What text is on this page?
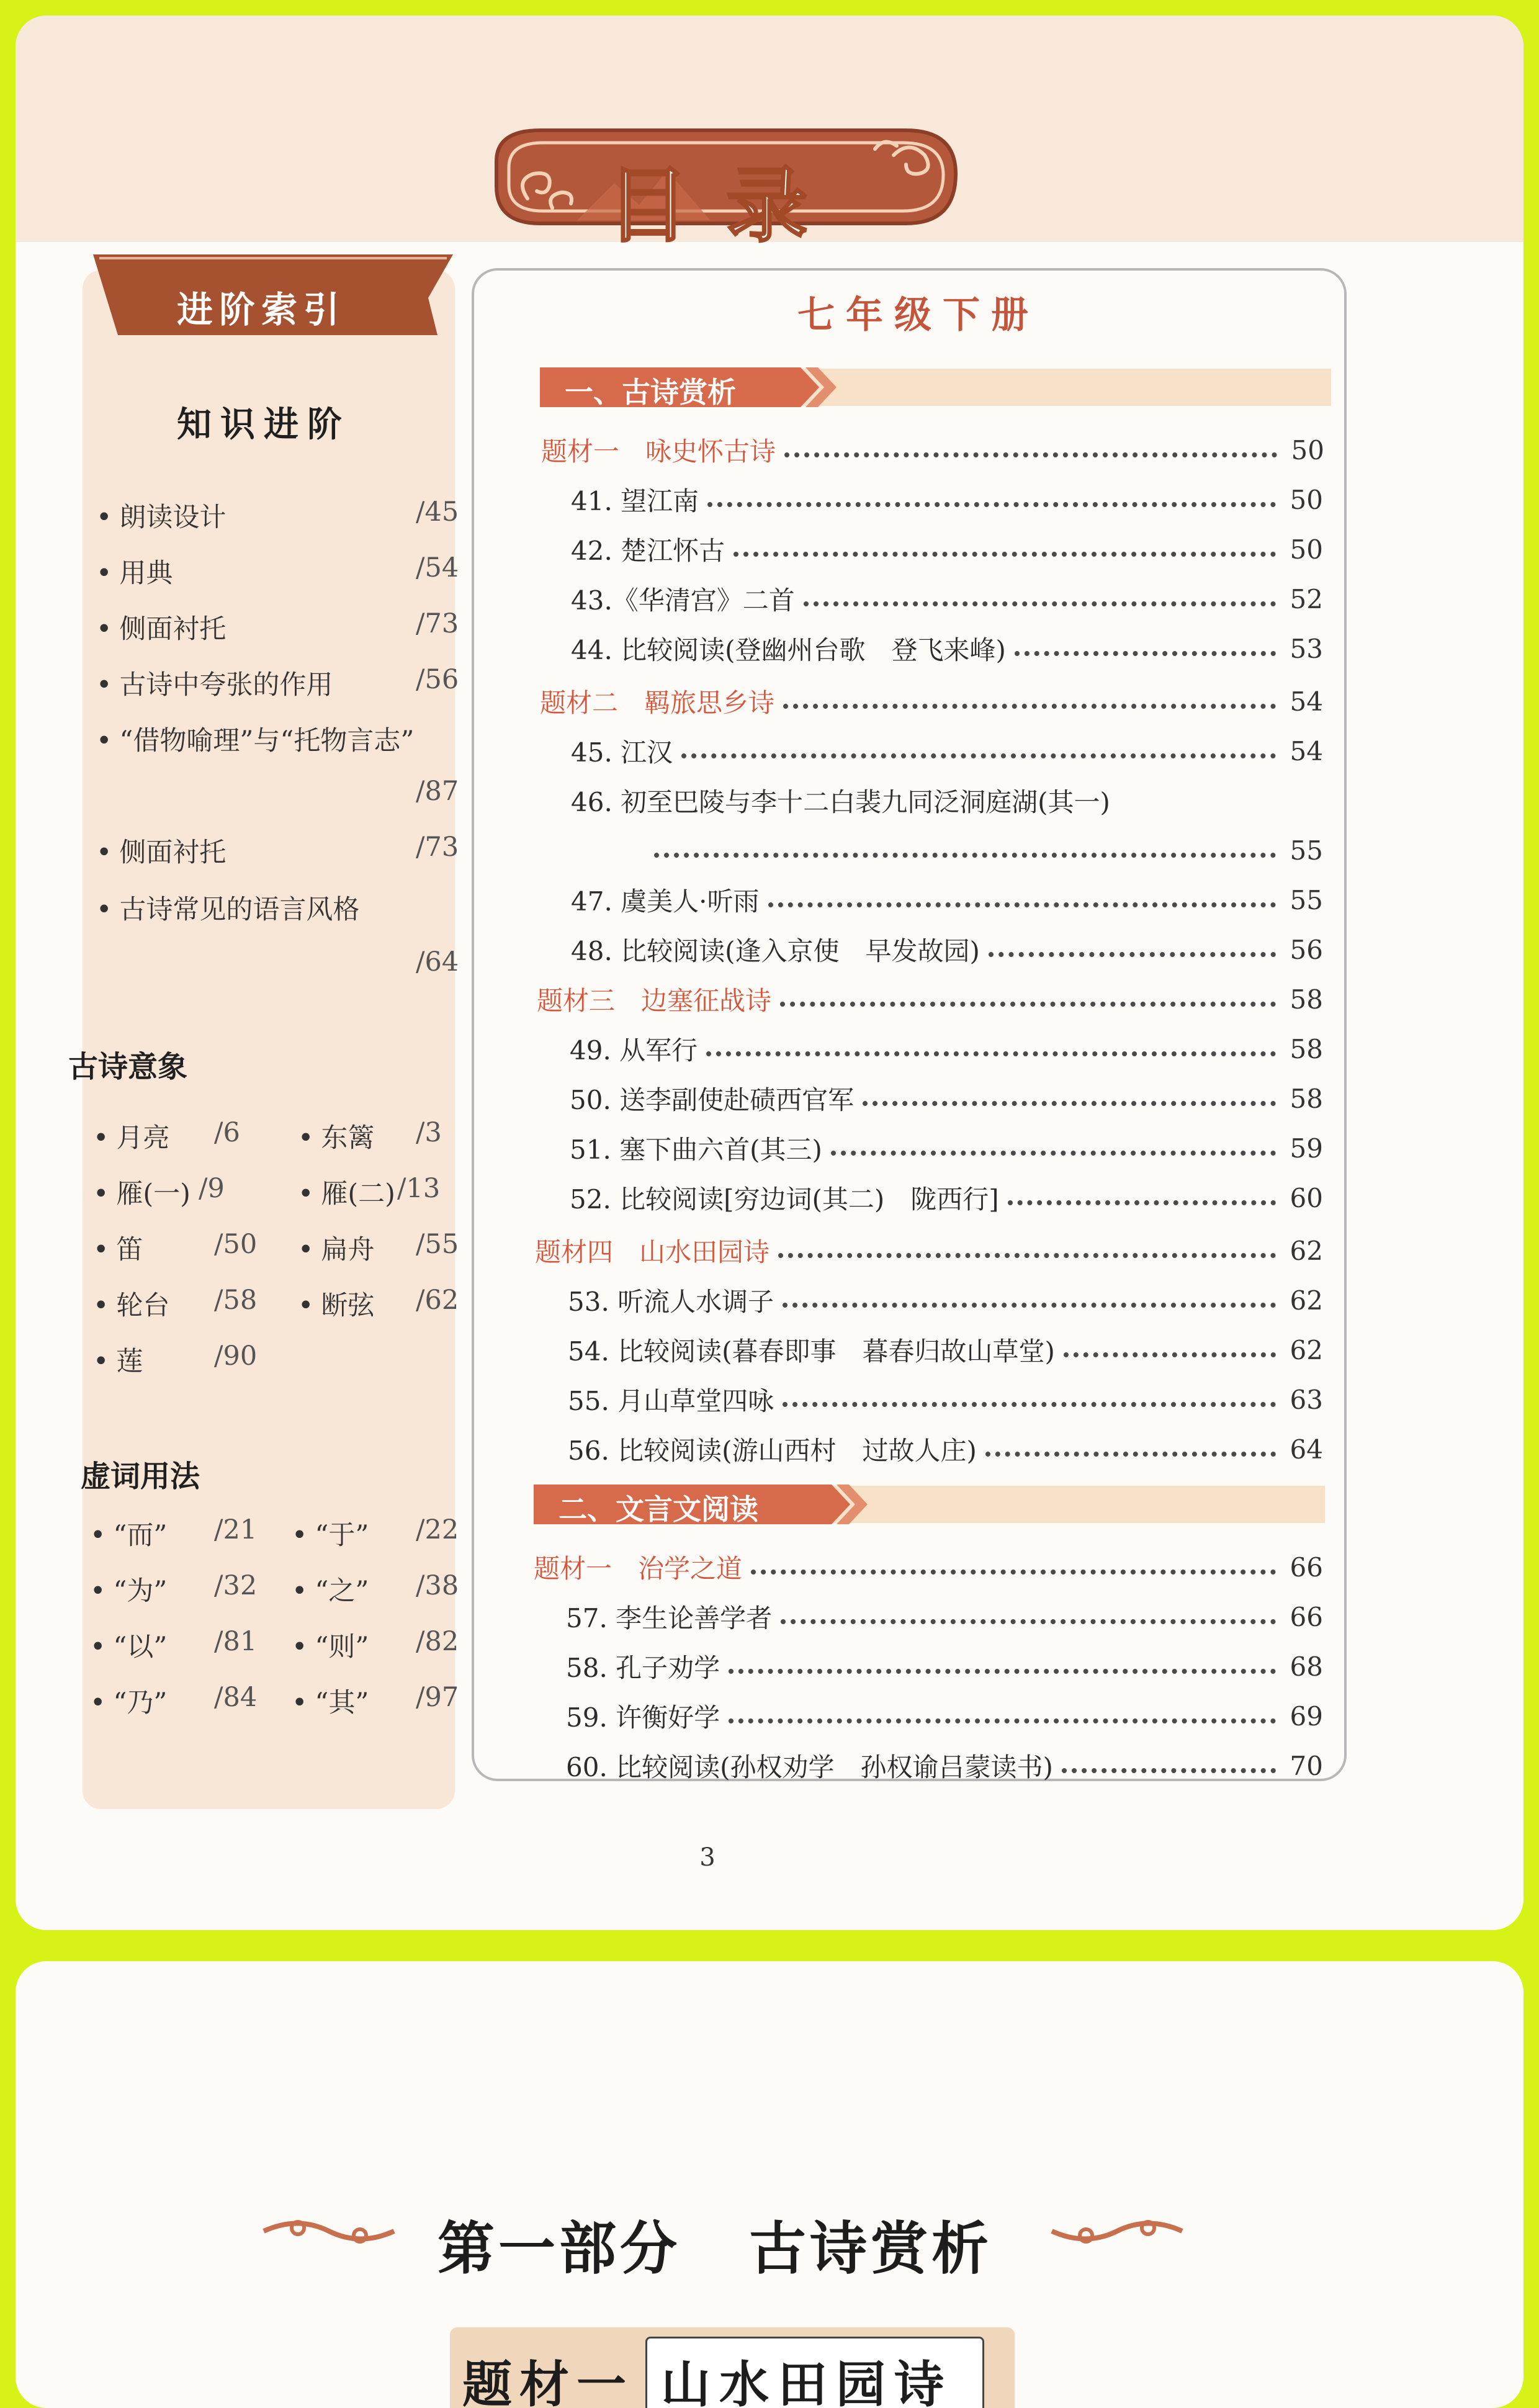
目录
进阶索引
知识进阶
• 朗读设计	/45
• 用典	/54
• 侧面衬托	/73
• 古诗中夸张的作用	/56
• “借物喻理”与“托物言志”
/87
• 侧面衬托	/73
• 古诗常见的语言风格
/64
古诗意象
• 月亮 /6 • 东篱 /3
• 雁(一) /9	• 雁(二) /13
• 笛	/50 • 扁舟 /55
• 轮台 /58 • 断弦 /62
• 莲	/90
虚词用法
• “而” /21 • “于” /22
• “为” /32 • “之” /38
• “以” /81 • “则” /82
• “乃” /84 • “其” /97
七年级下册
一、古诗赏析
二、文言文阅读
题材一　咏史怀古诗	50
41. 望江南	50
42. 楚江怀古	50
43.《华清宫》二首	52
44. 比较阅读(登幽州台歌　登飞来峰)	53
题材二　羁旅思乡诗	54
45. 江汉	54
46. 初至巴陵与李十二白裴九同泛洞庭湖(其一)
55
47. 虞美人·听雨	55
48. 比较阅读(逢入京使　早发故园)	56
题材三　边塞征战诗	58
49. 从军行	58
50. 送李副使赴碛西官军	58
51. 塞下曲六首(其三)	59
52. 比较阅读[穷边词(其二)　陇西行]	60
题材四　山水田园诗	62
53. 听流人水调子	62
54. 比较阅读(暮春即事　暮春归故山草堂)	62
55. 月山草堂四咏	63
56. 比较阅读(游山西村　过故人庄)	64
题材一　治学之道	66
57. 李生论善学者	66
58. 孔子劝学	68
59. 许衡好学	69
60. 比较阅读(孙权劝学　孙权谕吕蒙读书)	70
3
第一部分 古诗赏析
题材一 山水田园诗
